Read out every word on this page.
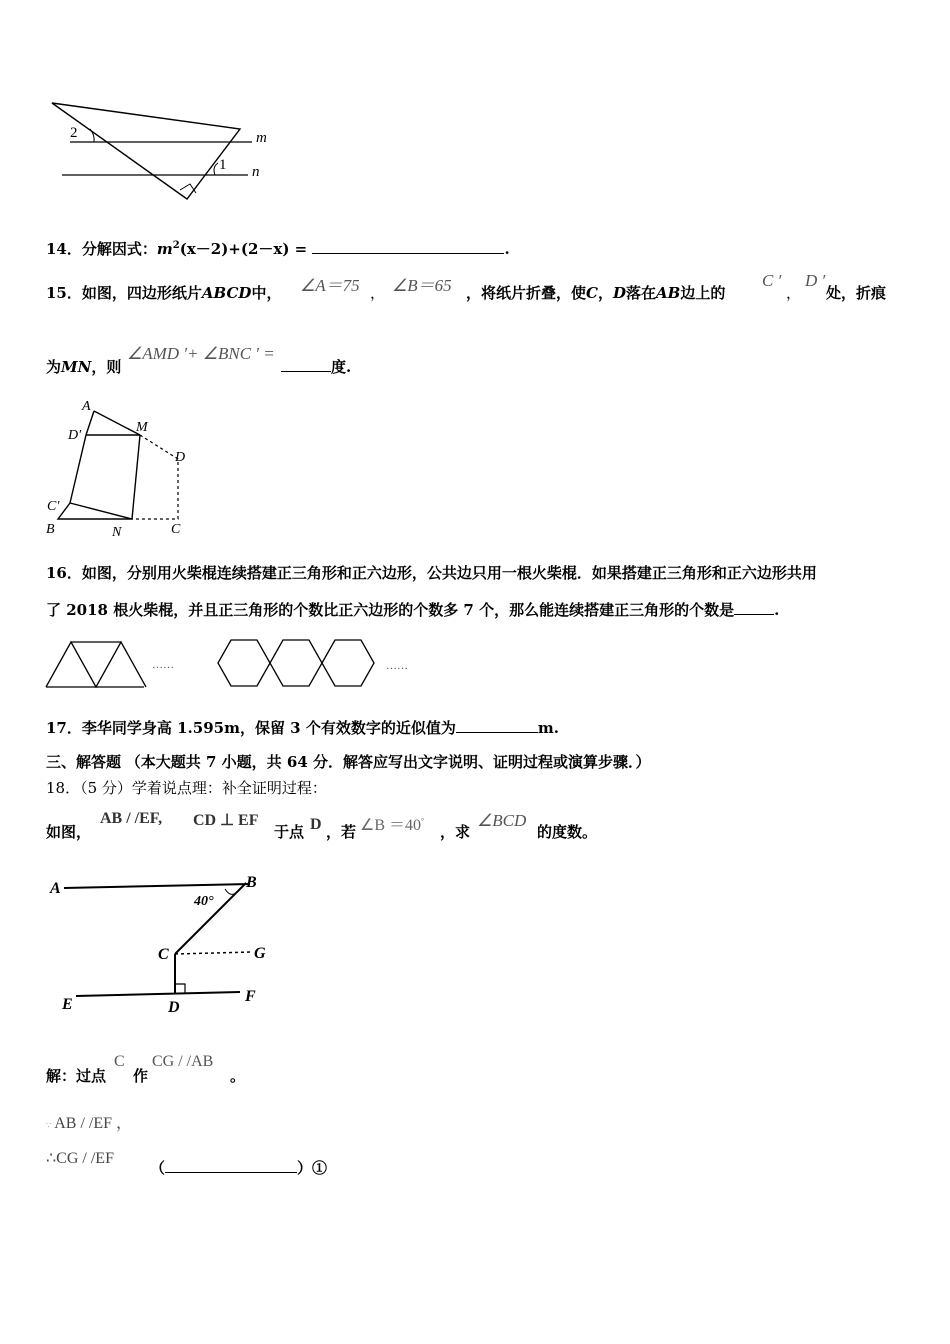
2
1
m
n
14．分解因式：$m^2(x-2)+(2-x)$ =	.
15．如图，四边形纸片ABCD中， ∠A＝75 ， ∠B＝65 ，将纸片折叠，使C，D落在AB边上的
C ′
，
D ′
处，折痕
为MN，则
∠AMD ′+ ∠BNC ′ =
度.
A
D′
M
D
C′
B	N	C
16．如图，分别用火柴棍连续搭建正三角形和正六边形，公共边只用一根火柴棍．如果搭建正三角形和正六边形共用
了 2018 根火柴棍，并且正三角形的个数比正六边形的个数多 7 个，那么能连续搭建正三角形的个数是	.
……	……
17．李华同学身高 1.595m，保留 3 个有效数字的近似值为	m.
三、解答题 （本大题共 7 小题，共 64 分．解答应写出文字说明、证明过程或演算步骤．）
18．（5 分）学着说点理：补全证明过程：
如图，
AB / /EF, CD ⊥ EF
于点 D ，若 ∠B ＝40°
，求
∠BCD
的度数。
A	B
40°
C	G
E	D
F
解：过点
C
作
CG / /AB
。
∵ AB / /EF ，
∴CG / /EF
（	）①
